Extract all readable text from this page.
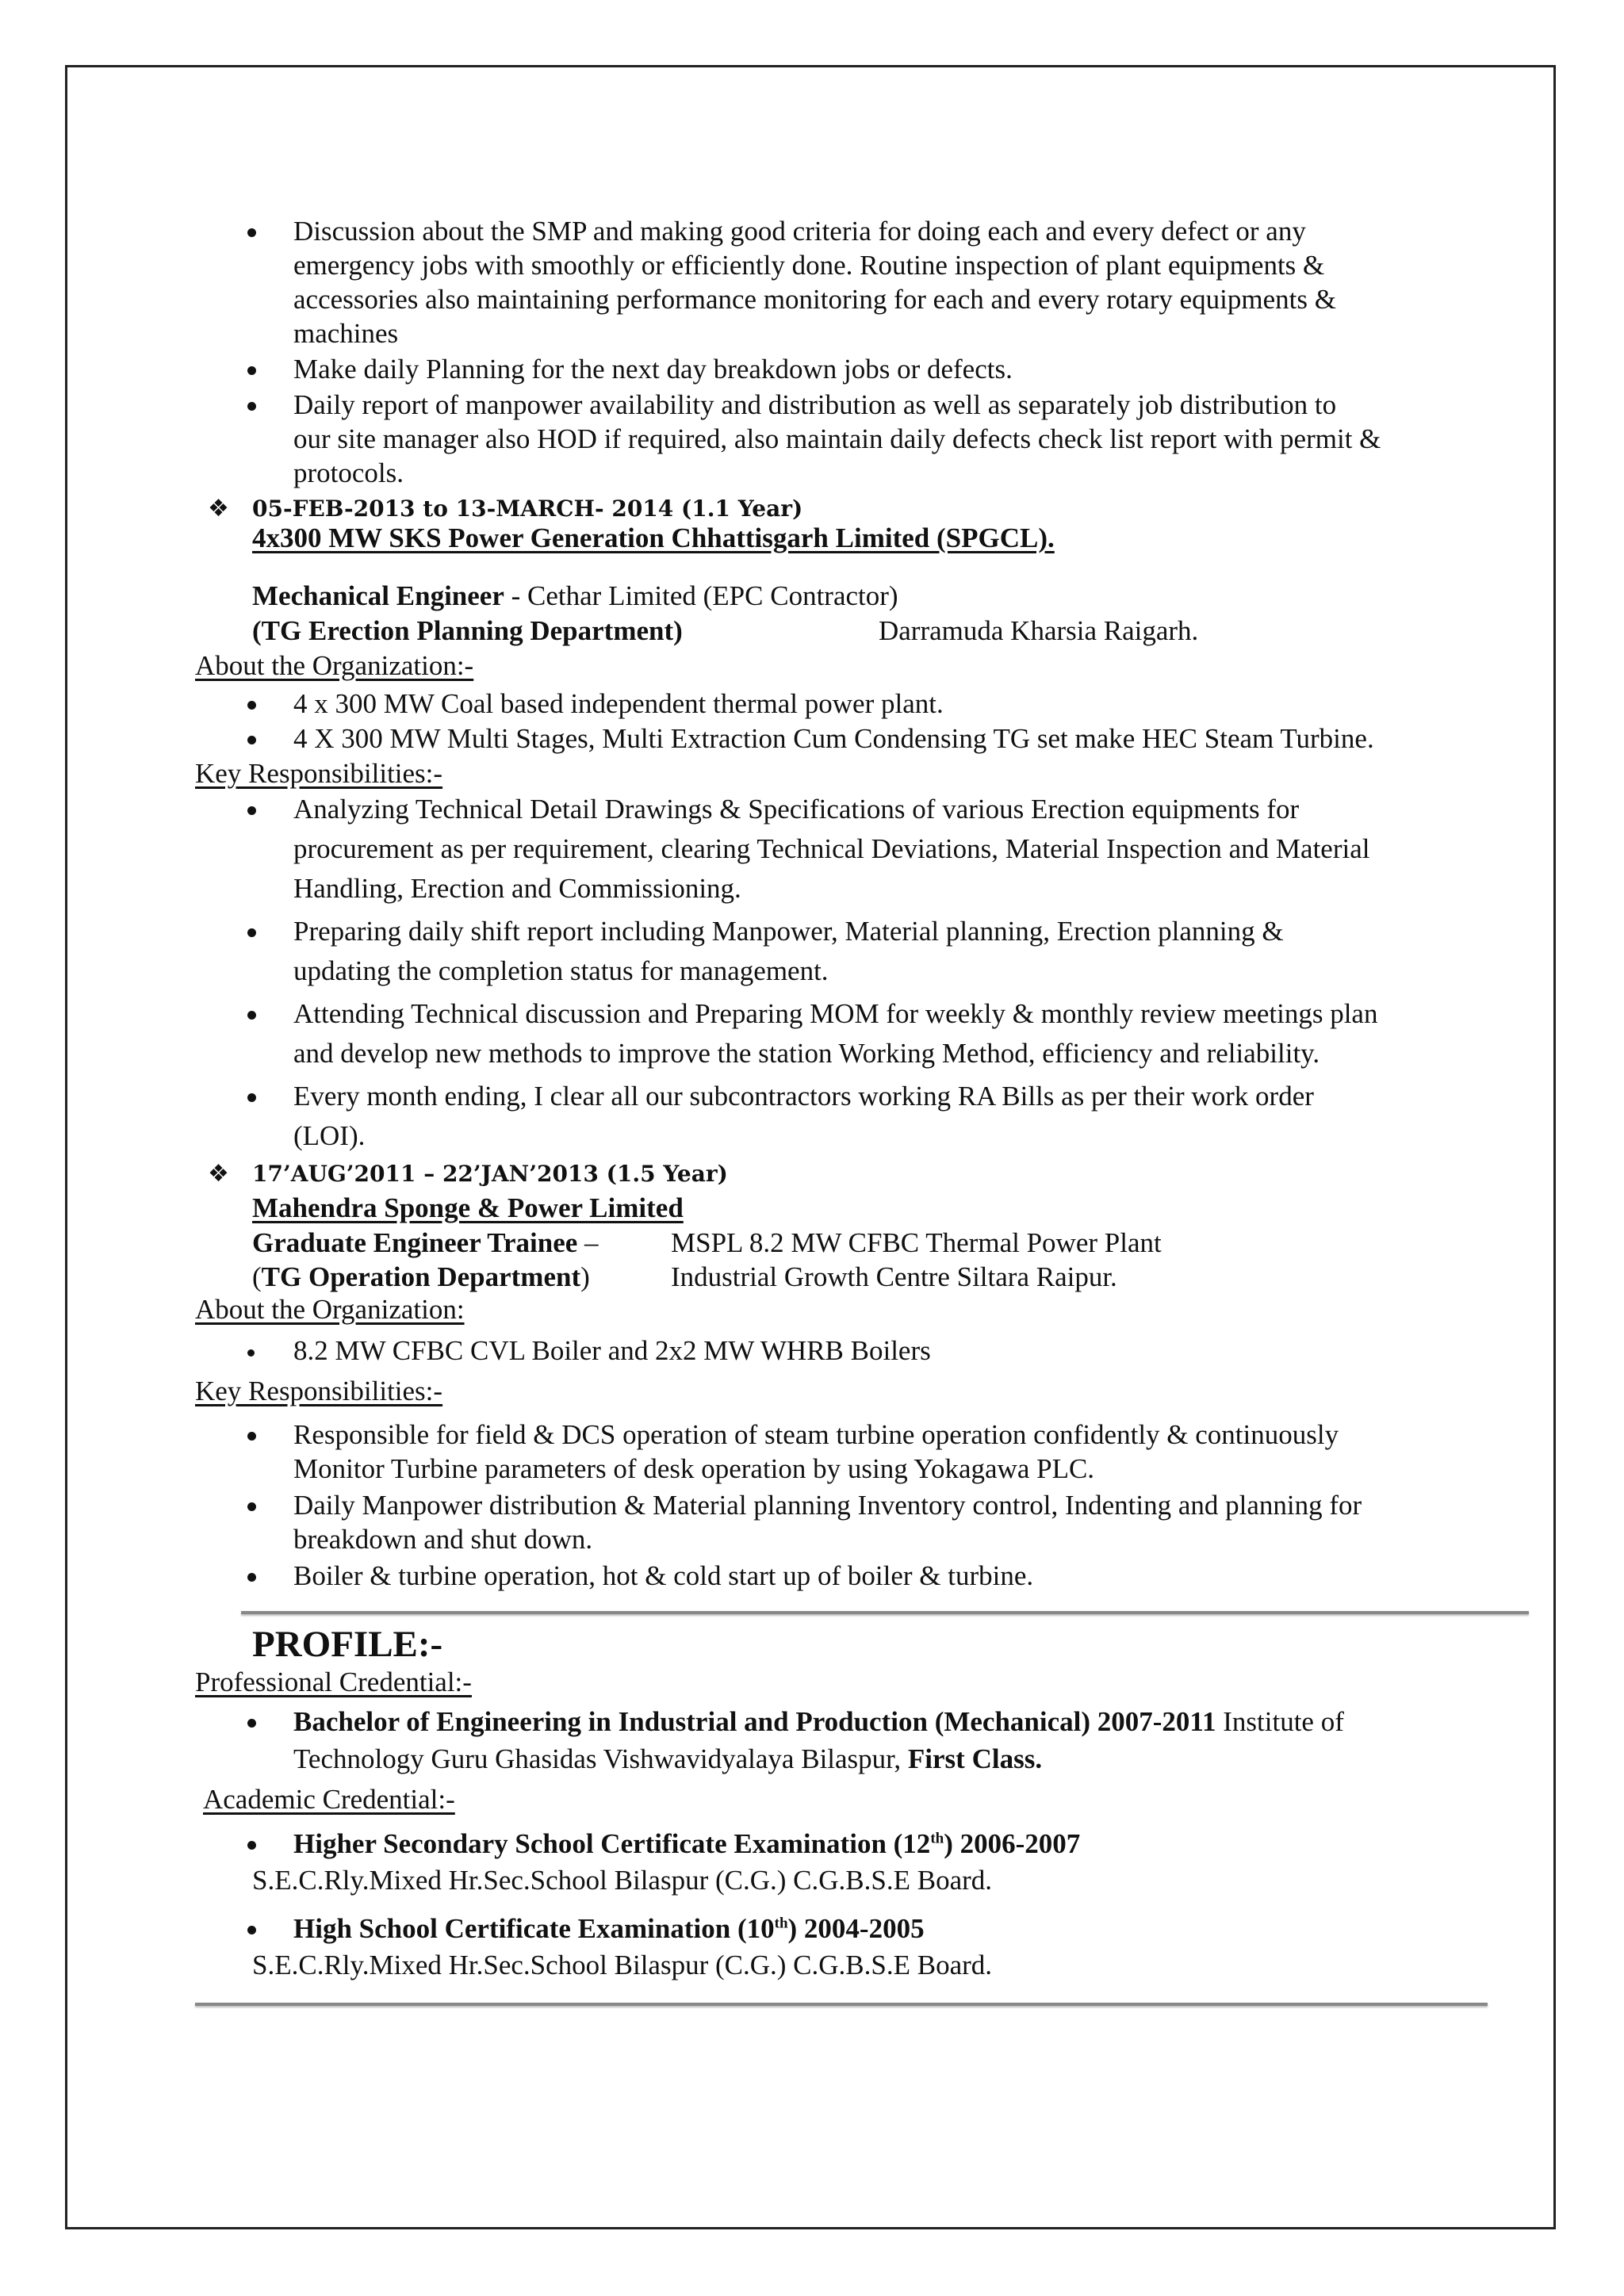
Discussion about the SMP and making good criteria for doing each and every defect or any
emergency jobs with smoothly or efficiently done. Routine inspection of plant equipments &
accessories also maintaining performance monitoring for each and every rotary equipments &
machines
Make daily Planning for the next day breakdown jobs or defects.
Daily report of manpower availability and distribution as well as separately job distribution to
our site manager also HOD if required, also maintain daily defects check list report with permit &
protocols.
❖ 05-FEB-2013 to 13-MARCH- 2014 (1.1 Year)
4x300 MW SKS Power Generation Chhattisgarh Limited (SPGCL).
Mechanical Engineer - Cethar Limited (EPC Contractor)
(TG Erection Planning Department)	Darramuda Kharsia Raigarh.
About the Organization:-
4 x 300 MW Coal based independent thermal power plant.
4 X 300 MW Multi Stages, Multi Extraction Cum Condensing TG set make HEC Steam Turbine.
Key Responsibilities:-
Analyzing Technical Detail Drawings & Specifications of various Erection equipments for
procurement as per requirement, clearing Technical Deviations, Material Inspection and Material
Handling, Erection and Commissioning.
Preparing daily shift report including Manpower, Material planning, Erection planning &
updating the completion status for management.
Attending Technical discussion and Preparing MOM for weekly & monthly review meetings plan
and develop new methods to improve the station Working Method, efficiency and reliability.
Every month ending, I clear all our subcontractors working RA Bills as per their work order
(LOI).
❖ 17’AUG’2011 – 22’JAN’2013 (1.5 Year)
Mahendra Sponge & Power Limited
Graduate Engineer Trainee –	MSPL 8.2 MW CFBC Thermal Power Plant
(TG Operation Department)	Industrial Growth Centre Siltara Raipur.
About the Organization:
8.2 MW CFBC CVL Boiler and 2x2 MW WHRB Boilers
Key Responsibilities:-
Responsible for field & DCS operation of steam turbine operation confidently & continuously
Monitor Turbine parameters of desk operation by using Yokagawa PLC.
Daily Manpower distribution & Material planning Inventory control, Indenting and planning for
breakdown and shut down.
Boiler & turbine operation, hot & cold start up of boiler & turbine.
PROFILE:-
Professional Credential:-
Bachelor of Engineering in Industrial and Production (Mechanical) 2007-2011 Institute of
Technology Guru Ghasidas Vishwavidyalaya Bilaspur, First Class.
Academic Credential:-
Higher Secondary School Certificate Examination (12th) 2006-2007
S.E.C.Rly.Mixed Hr.Sec.School Bilaspur (C.G.) C.G.B.S.E Board.
High School Certificate Examination (10th) 2004-2005
S.E.C.Rly.Mixed Hr.Sec.School Bilaspur (C.G.) C.G.B.S.E Board.
